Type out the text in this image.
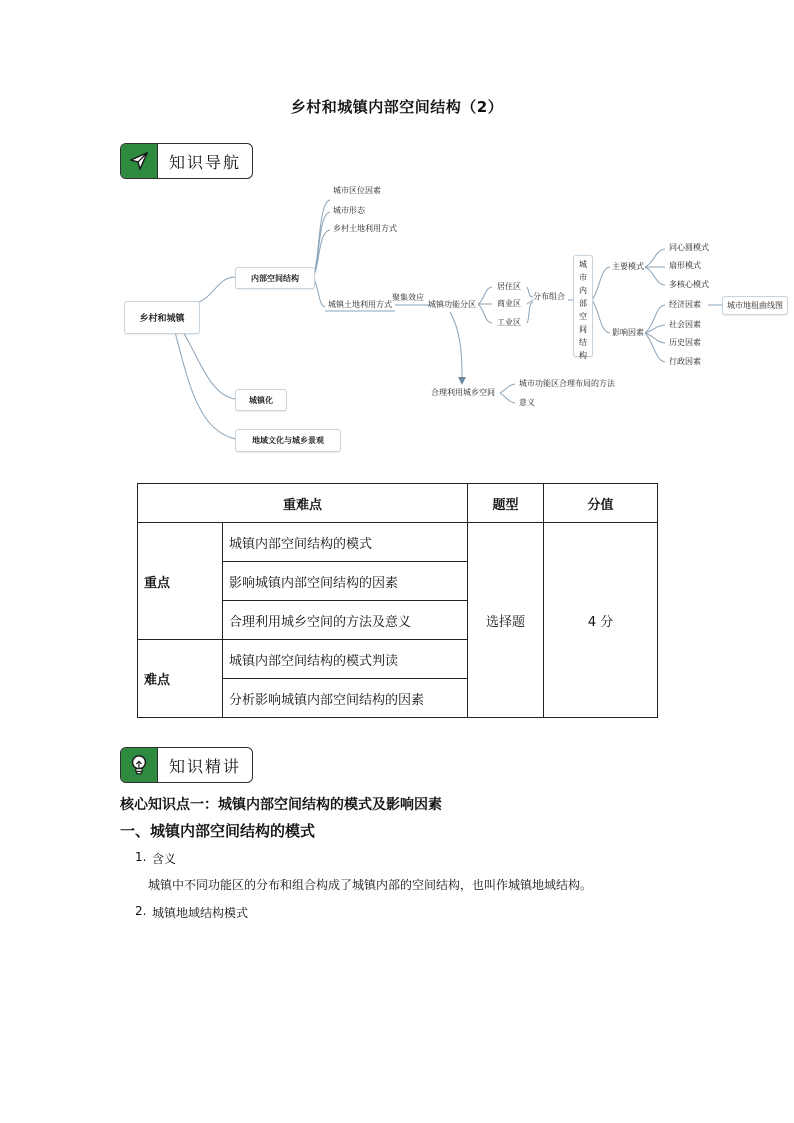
乡村和城镇内部空间结构（2）
知识导航
乡村和城镇
内部空间结构
城镇化
地域文化与城乡景观
城市区位因素
城市形态
乡村土地利用方式
城镇土地利用方式
聚集效应
城镇功能分区
居住区
商业区
工业区
分布组合
城
市
内
部
空
间
结
构
主要模式
影响因素
同心圆模式
扇形模式
多核心模式
经济因素
社会因素
历史因素
行政因素
城市地租曲线图
合理利用城乡空间
城市功能区合理布局的方法
意义
重难点		题型	分值
重点	城镇内部空间结构的模式	选择题	4 分
	影响城镇内部空间结构的因素		
	合理利用城乡空间的方法及意义		
难点	城镇内部空间结构的模式判读		
	分析影响城镇内部空间结构的因素		
知识精讲
核心知识点一：城镇内部空间结构的模式及影响因素
一、城镇内部空间结构的模式
1. 含义
城镇中不同功能区的分布和组合构成了城镇内部的空间结构，也叫作城镇地域结构。
2. 城镇地域结构模式
